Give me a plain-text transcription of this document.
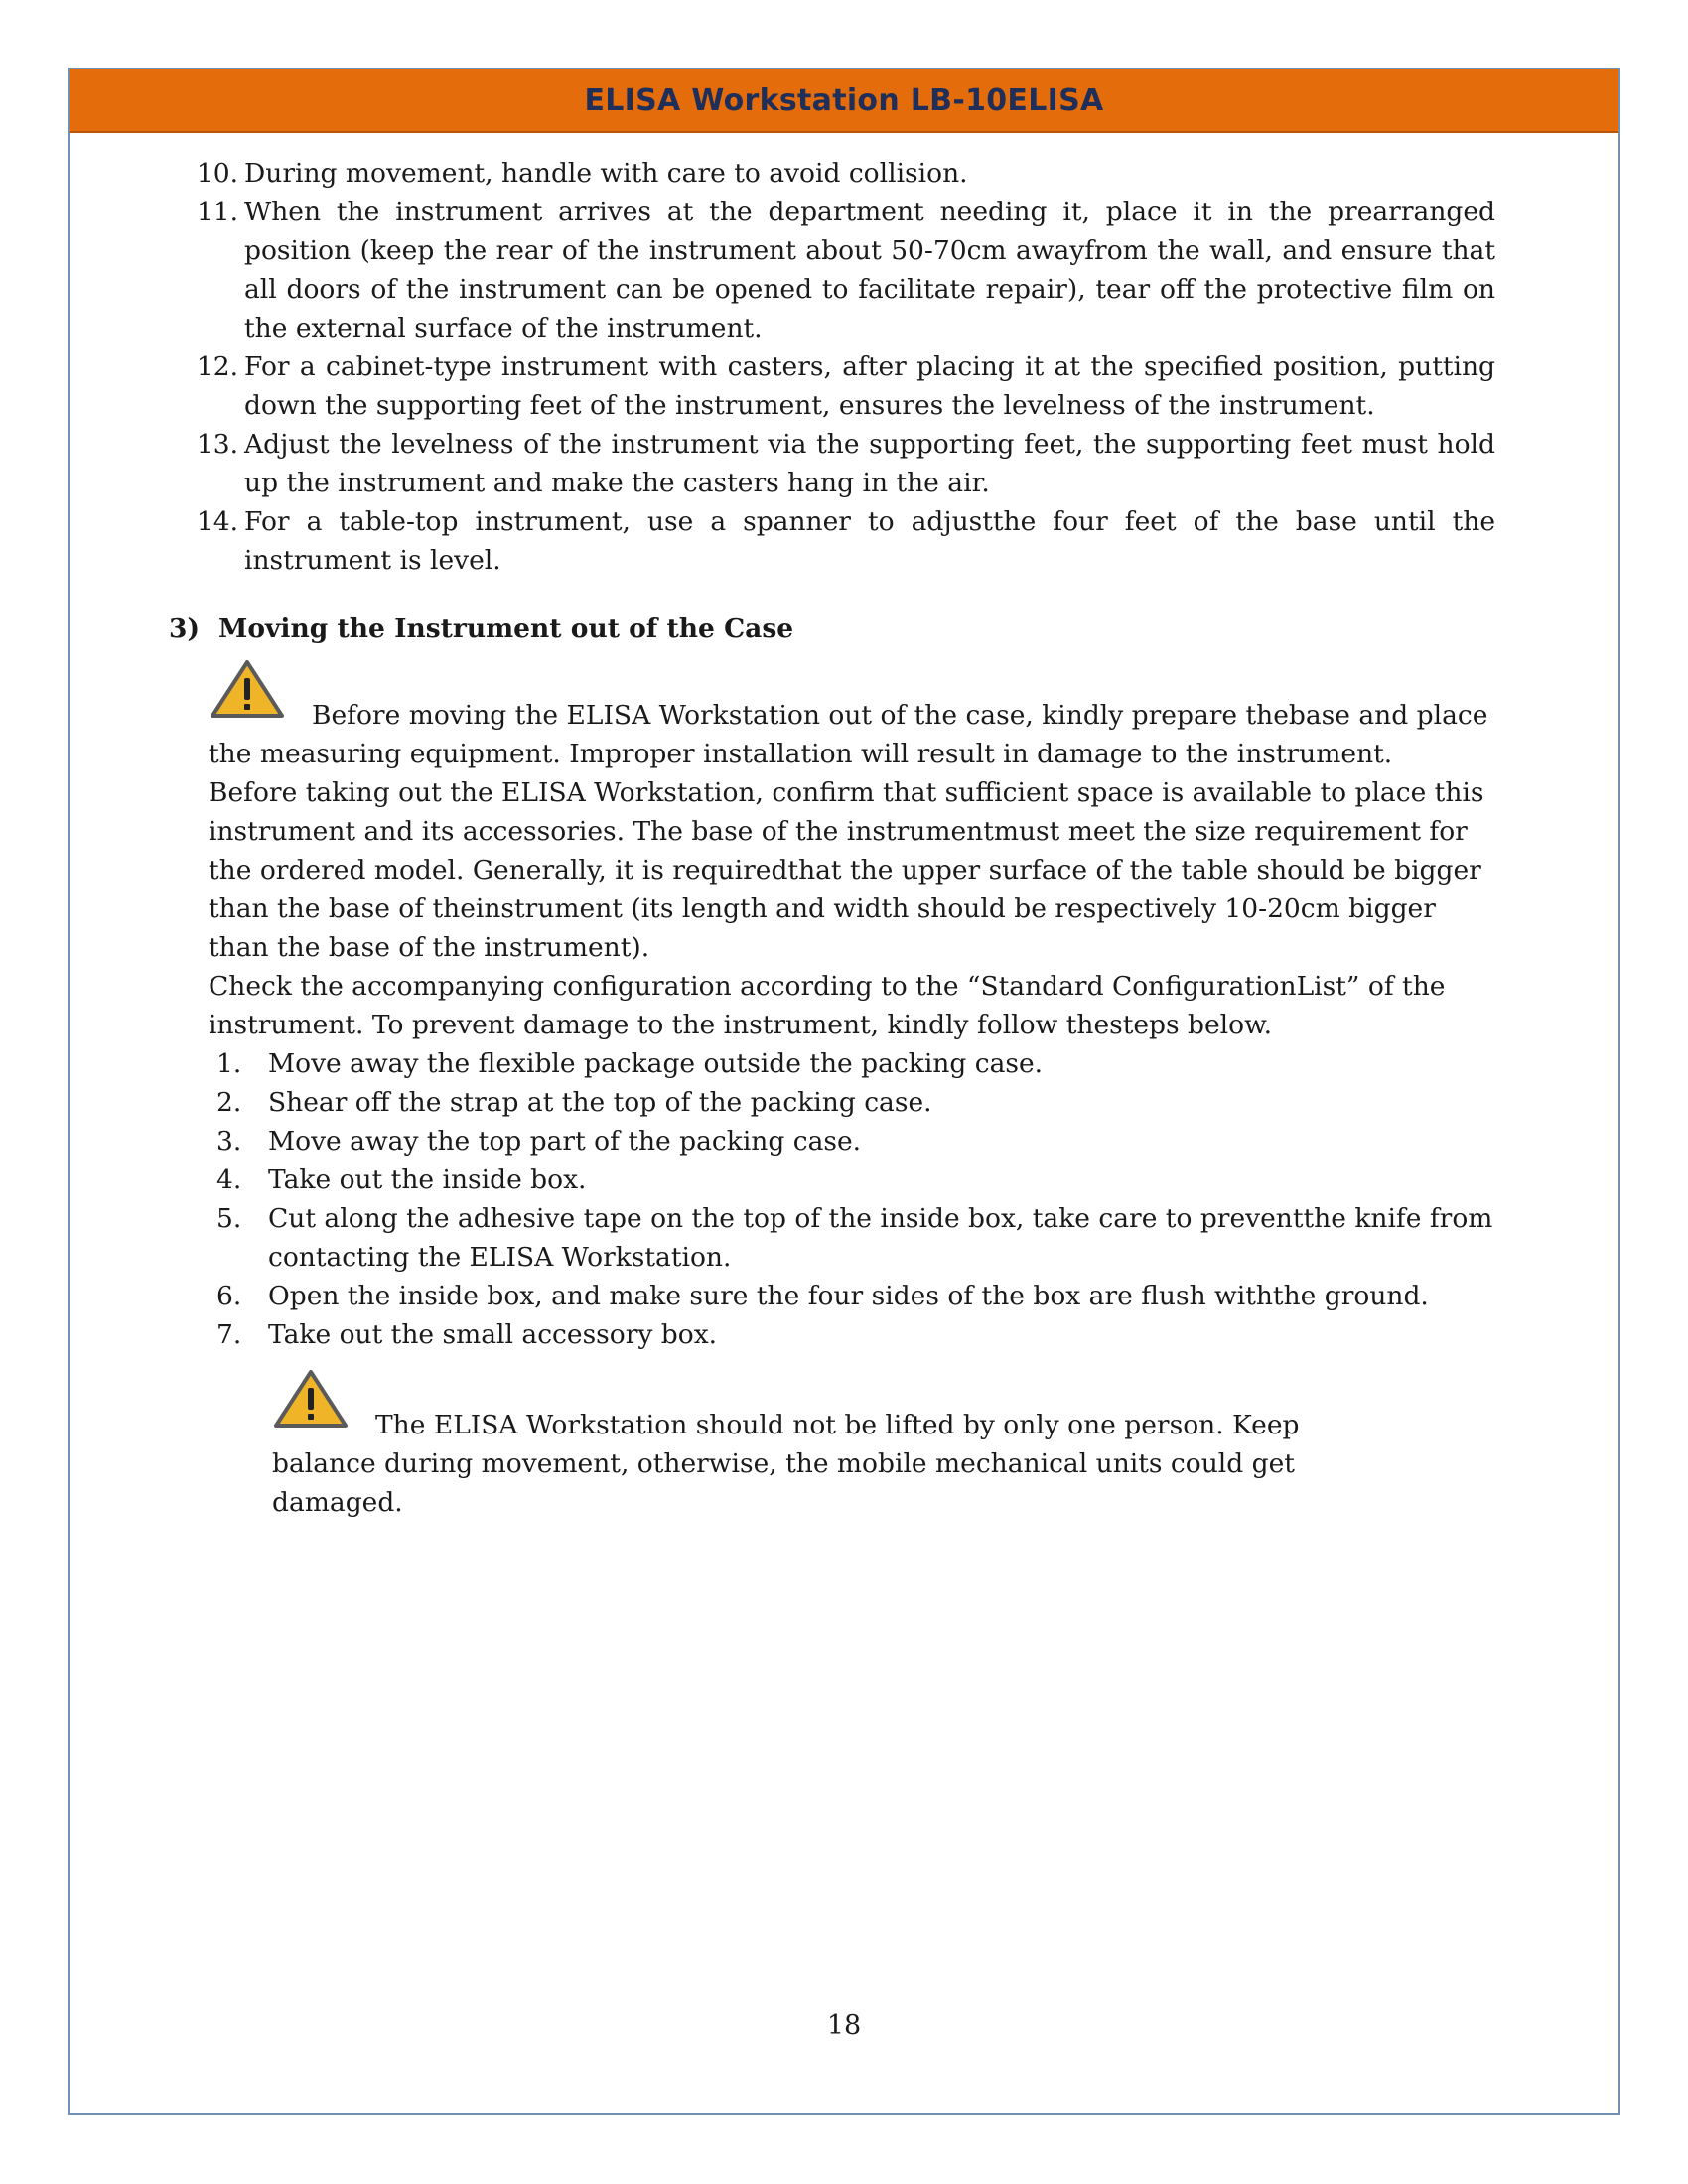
ELISA Workstation LB-10ELISA
10. During movement, handle with care to avoid collision.
11. When the instrument arrives at the department needing it, place it in the prearranged position (keep the rear of the instrument about 50-70cm awayfrom the wall, and ensure that all doors of the instrument can be opened to facilitate repair), tear off the protective film on the external surface of the instrument.
12. For a cabinet-type instrument with casters, after placing it at the specified position, putting down the supporting feet of the instrument, ensures the levelness of the instrument.
13. Adjust the levelness of the instrument via the supporting feet, the supporting feet must hold up the instrument and make the casters hang in the air.
14. For a table-top instrument, use a spanner to adjustthe four feet of the base until the instrument is level.
3) Moving the Instrument out of the Case
Before moving the ELISA Workstation out of the case, kindly prepare thebase and place the measuring equipment. Improper installation will result in damage to the instrument.
Before taking out the ELISA Workstation, confirm that sufficient space is available to place this instrument and its accessories. The base of the instrumentmust meet the size requirement for the ordered model. Generally, it is requiredthat the upper surface of the table should be bigger than the base of theinstrument (its length and width should be respectively 10-20cm bigger than the base of the instrument).
Check the accompanying configuration according to the “Standard ConfigurationList” of the instrument. To prevent damage to the instrument, kindly follow thesteps below.
1.	Move away the flexible package outside the packing case.
2.	Shear off the strap at the top of the packing case.
3.	Move away the top part of the packing case.
4.	Take out the inside box.
5.	Cut along the adhesive tape on the top of the inside box, take care to preventthe knife from contacting the ELISA Workstation.
6.	Open the inside box, and make sure the four sides of the box are flush withthe ground.
7.	Take out the small accessory box.
The ELISA Workstation should not be lifted by only one person. Keep balance during movement, otherwise, the mobile mechanical units could get damaged.
18
